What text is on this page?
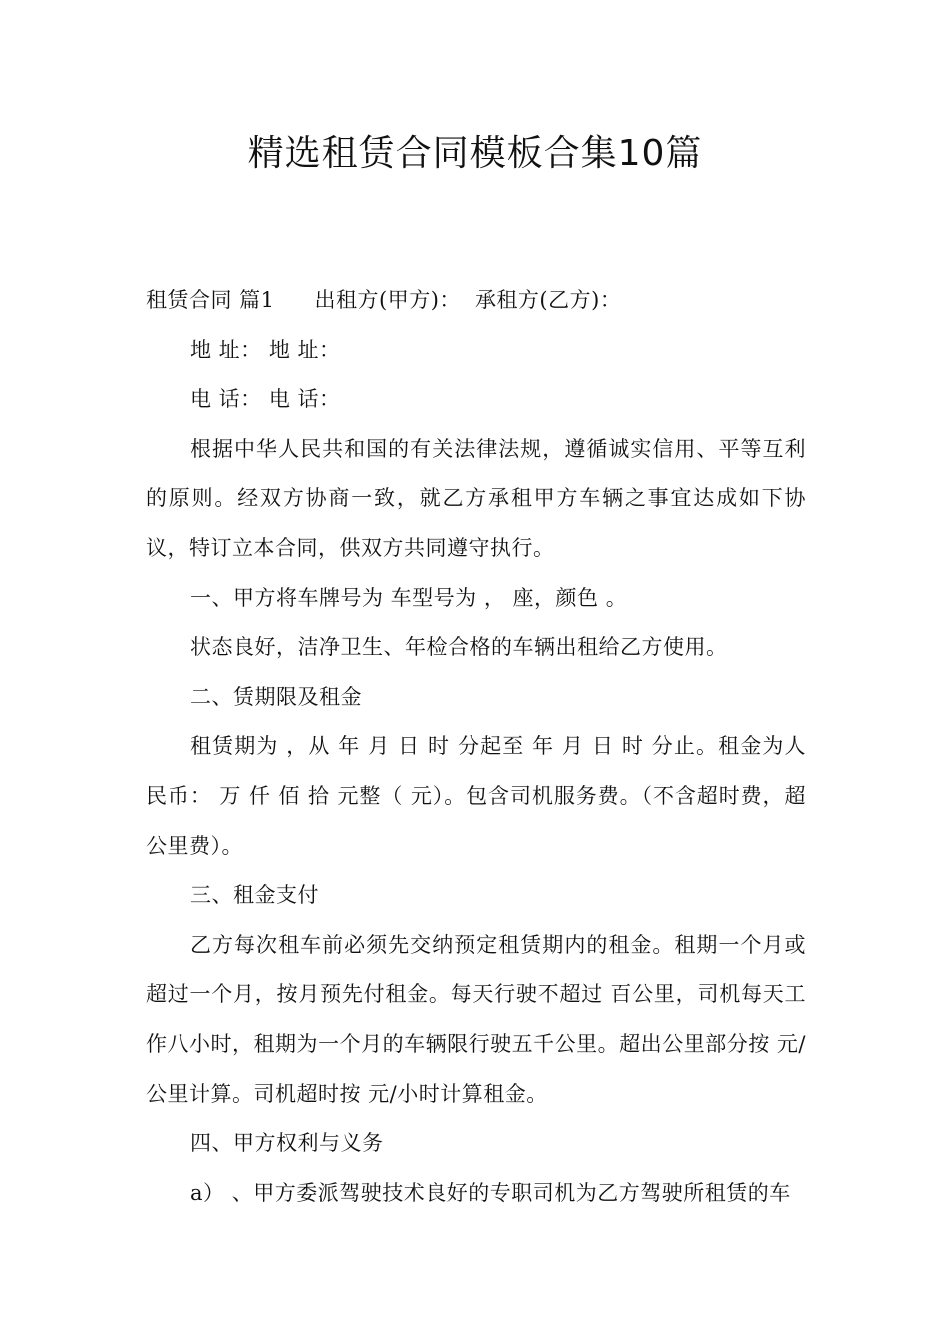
精选租赁合同模板合集10篇

租赁合同 篇1 出租方(甲方)： 承租方(乙方)：

地 址： 地 址：

电 话： 电 话：

根据中华人民共和国的有关法律法规，遵循诚实信用、平等互利的原则。经双方协商一致，就乙方承租甲方车辆之事宜达成如下协议，特订立本合同，供双方共同遵守执行。

一、甲方将车牌号为 车型号为 ， 座，颜色 。

状态良好，洁净卫生、年检合格的车辆出租给乙方使用。

二、赁期限及租金

租赁期为 ，从 年 月 日 时 分起至 年 月 日 时 分止。租金为人民币： 万 仟 佰 拾 元整（ 元）。包含司机服务费。（不含超时费，超公里费）。

三、租金支付

乙方每次租车前必须先交纳预定租赁期内的租金。租期一个月或超过一个月，按月预先付租金。每天行驶不超过 百公里，司机每天工作八小时，租期为一个月的车辆限行驶五千公里。超出公里部分按 元/公里计算。司机超时按 元/小时计算租金。

四、甲方权利与义务

a） 、甲方委派驾驶技术良好的专职司机为乙方驾驶所租赁的车
